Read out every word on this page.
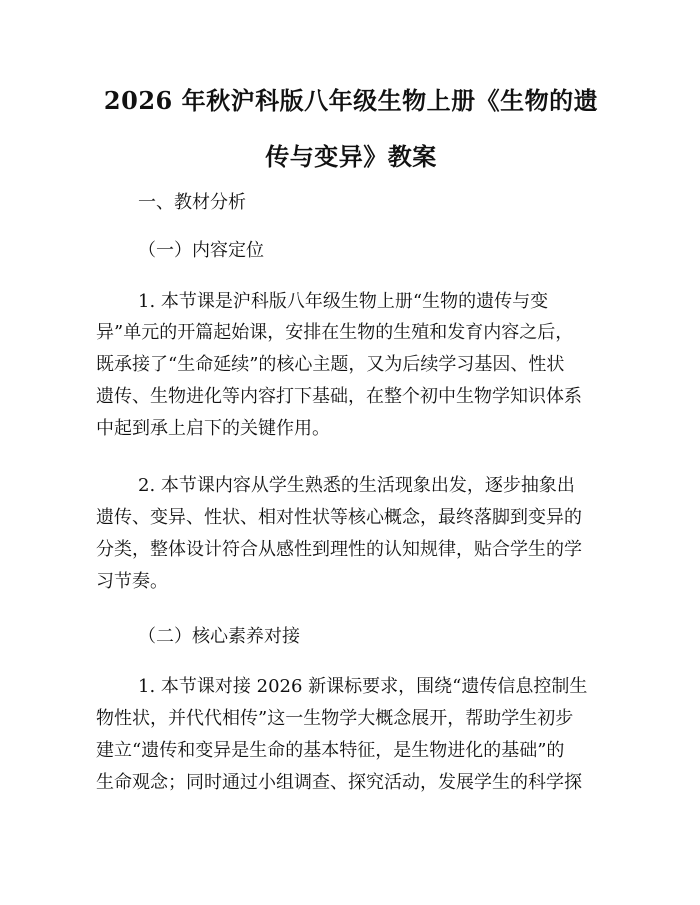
2026 年秋沪科版八年级生物上册《生物的遗
传与变异》教案
一、教材分析
（一）内容定位
1. 本节课是沪科版八年级生物上册“生物的遗传与变
异”单元的开篇起始课，安排在生物的生殖和发育内容之后，
既承接了“生命延续”的核心主题，又为后续学习基因、性状
遗传、生物进化等内容打下基础，在整个初中生物学知识体系
中起到承上启下的关键作用。
2. 本节课内容从学生熟悉的生活现象出发，逐步抽象出
遗传、变异、性状、相对性状等核心概念，最终落脚到变异的
分类，整体设计符合从感性到理性的认知规律，贴合学生的学
习节奏。
（二）核心素养对接
1. 本节课对接 2026 新课标要求，围绕“遗传信息控制生
物性状，并代代相传”这一生物学大概念展开，帮助学生初步
建立“遗传和变异是生命的基本特征，是生物进化的基础”的
生命观念；同时通过小组调查、探究活动，发展学生的科学探
